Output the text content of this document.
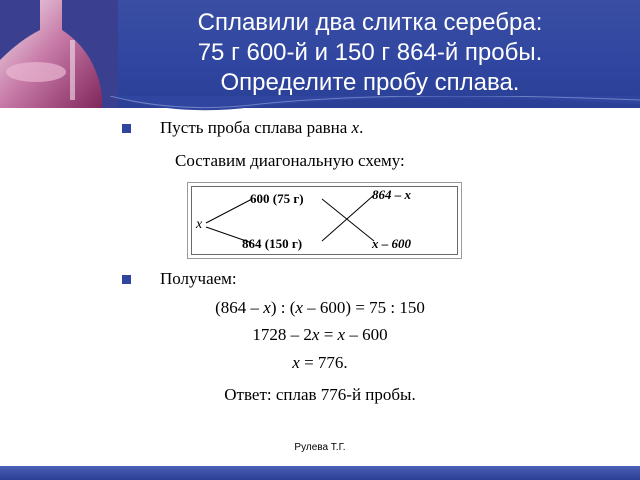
Сплавили два слитка серебра:
75 г 600-й и 150 г 864-й пробы.
Определите пробу сплава.
Пусть проба сплава равна x.
Составим диагональную схему:
x
600 (75 г)
864 (150 г)
864 – x
x – 600
Получаем:
(864 – x) : (x – 600) = 75 : 150
1728 – 2x = x – 600
x = 776.
Ответ: сплав 776-й пробы.
Рулева Т.Г.
